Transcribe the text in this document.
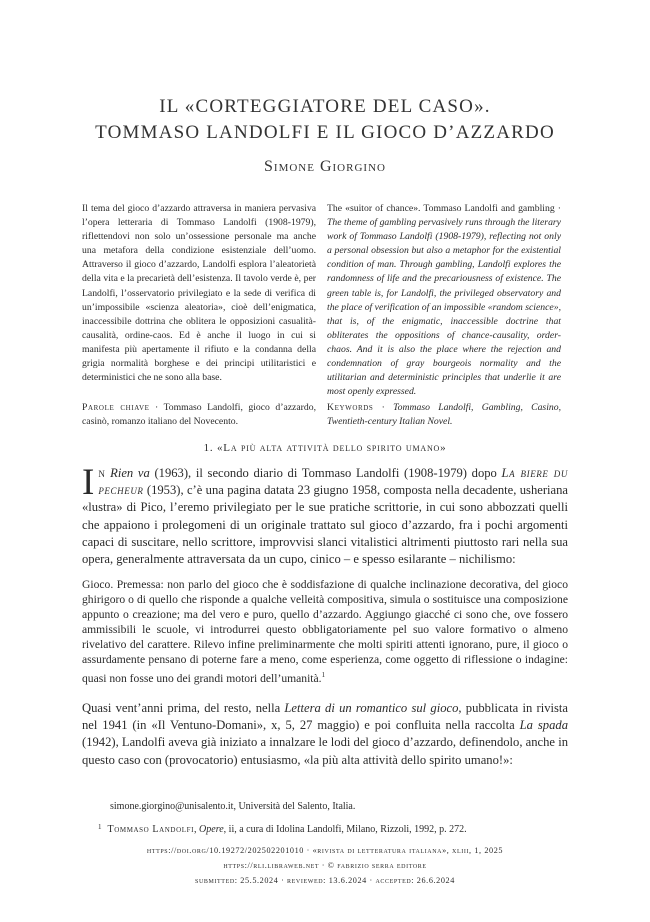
IL «CORTEGGIATORE DEL CASO».
TOMMASO LANDOLFI E IL GIOCO D’AZZARDO
Simone Giorgino
Il tema del gioco d’azzardo attraversa in maniera pervasiva l’opera letteraria di Tommaso Landolfi (1908-1979), riflettendovi non solo un’ossessione personale ma anche una metafora della condizione esistenziale dell’uomo. Attraverso il gioco d’azzardo, Landolfi esplora l’aleatorietà della vita e la precarietà dell’esistenza. Il tavolo verde è, per Landolfi, l’osservatorio privilegiato e la sede di verifica di un’impossibile «scienza aleatoria», cioè dell’enigmatica, inaccessibile dottrina che oblitera le opposizioni casualità-causalità, ordine-caos. Ed è anche il luogo in cui si manifesta più apertamente il rifiuto e la condanna della grigia normalità borghese e dei principi utilitaristici e deterministici che ne sono alla base.
The «suitor of chance». Tommaso Landolfi and gambling · The theme of gambling pervasively runs through the literary work of Tommaso Landolfi (1908-1979), reflecting not only a personal obsession but also a metaphor for the existential condition of man. Through gambling, Landolfi explores the randomness of life and the precariousness of existence. The green table is, for Landolfi, the privileged observatory and the place of verification of an impossible «random science», that is, of the enigmatic, inaccessible doctrine that obliterates the oppositions of chance-causality, order-chaos. And it is also the place where the rejection and condemnation of gray bourgeois normality and the utilitarian and deterministic principles that underlie it are most openly expressed.
Parole chiave · Tommaso Landolfi, gioco d’azzardo, casinò, romanzo italiano del Novecento.
Keywords · Tommaso Landolfi, Gambling, Casino, Twentieth-century Italian Novel.
1. «La più alta attività dello spirito umano»
In Rien va (1963), il secondo diario di Tommaso Landolfi (1908-1979) dopo La biere du pecheur (1953), c’è una pagina datata 23 giugno 1958, composta nella decadente, usheriana «lustra» di Pico, l’eremo privilegiato per le sue pratiche scrittorie, in cui sono abbozzati quelli che appaiono i prolegomeni di un originale trattato sul gioco d’azzardo, fra i pochi argomenti capaci di suscitare, nello scrittore, improvvisi slanci vitalistici altrimenti piuttosto rari nella sua opera, generalmente attraversata da un cupo, cinico – e spesso esilarante – nichilismo:
Gioco. Premessa: non parlo del gioco che è soddisfazione di qualche inclinazione decorativa, del gioco ghirigoro o di quello che risponde a qualche velleità compositiva, simula o sostituisce una composizione appunto o creazione; ma del vero e puro, quello d’azzardo. Aggiungo giacché ci sono che, ove fossero ammissibili le scuole, vi introdurrei questo obbligatoriamente pel suo valore formativo o almeno rivelativo del carattere. Rilevo infine preliminarmente che molti spiriti attenti ignorano, pure, il gioco o assurdamente pensano di poterne fare a meno, come esperienza, come oggetto di riflessione o indagine: quasi non fosse uno dei grandi motori dell’umanità.$^1$
Quasi vent’anni prima, del resto, nella Lettera di un romantico sul gioco, pubblicata in rivista nel 1941 (in «Il Ventuno-Domani», x, 5, 27 maggio) e poi confluita nella raccolta La spada (1942), Landolfi aveva già iniziato a innalzare le lodi del gioco d’azzardo, definendolo, anche in questo caso con (provocatorio) entusiasmo, «la più alta attività dello spirito umano!»:
simone.giorgino@unisalento.it, Università del Salento, Italia.
$^1$ Tommaso Landolfi, Opere, ii, a cura di Idolina Landolfi, Milano, Rizzoli, 1992, p. 272.
https://doi.org/10.19272/202502201010 · «rivista di letteratura italiana», xliii, 1, 2025
https://rli.libraweb.net · © fabrizio serra editore
submitted: 25.5.2024 · reviewed: 13.6.2024 · accepted: 26.6.2024
